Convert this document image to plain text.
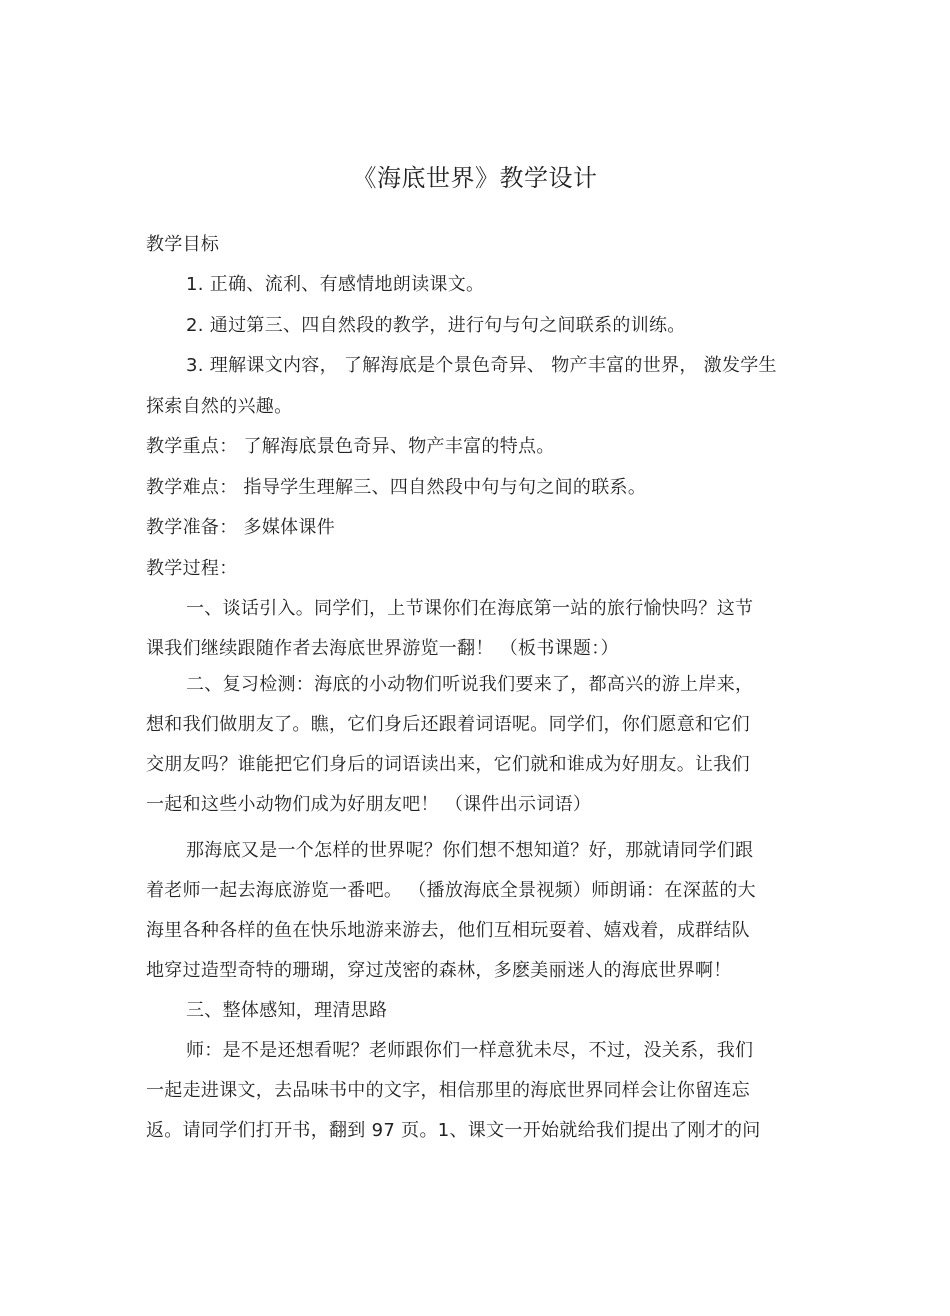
《海底世界》教学设计
教学目标
1. 正确、流利、有感情地朗读课文。
2. 通过第三、四自然段的教学，进行句与句之间联系的训练。
3. 理解课文内容， 了解海底是个景色奇异、 物产丰富的世界， 激发学生
探索自然的兴趣。
教学重点： 了解海底景色奇异、物产丰富的特点。
教学难点： 指导学生理解三、四自然段中句与句之间的联系。
教学准备： 多媒体课件
教学过程：
一、谈话引入。同学们，上节课你们在海底第一站的旅行愉快吗？这节
课我们继续跟随作者去海底世界游览一翻！ （板书课题：）
二、复习检测：海底的小动物们听说我们要来了，都高兴的游上岸来，
想和我们做朋友了。瞧，它们身后还跟着词语呢。同学们，你们愿意和它们
交朋友吗？谁能把它们身后的词语读出来，它们就和谁成为好朋友。让我们
一起和这些小动物们成为好朋友吧！ （课件出示词语）
那海底又是一个怎样的世界呢？你们想不想知道？好，那就请同学们跟
着老师一起去海底游览一番吧。 （播放海底全景视频）师朗诵：在深蓝的大
海里各种各样的鱼在快乐地游来游去，他们互相玩耍着、嬉戏着，成群结队
地穿过造型奇特的珊瑚，穿过茂密的森林，多麽美丽迷人的海底世界啊！
三、整体感知，理清思路
师：是不是还想看呢？老师跟你们一样意犹未尽，不过，没关系，我们
一起走进课文，去品味书中的文字，相信那里的海底世界同样会让你留连忘
返。请同学们打开书，翻到 97 页。1、课文一开始就给我们提出了刚才的问
